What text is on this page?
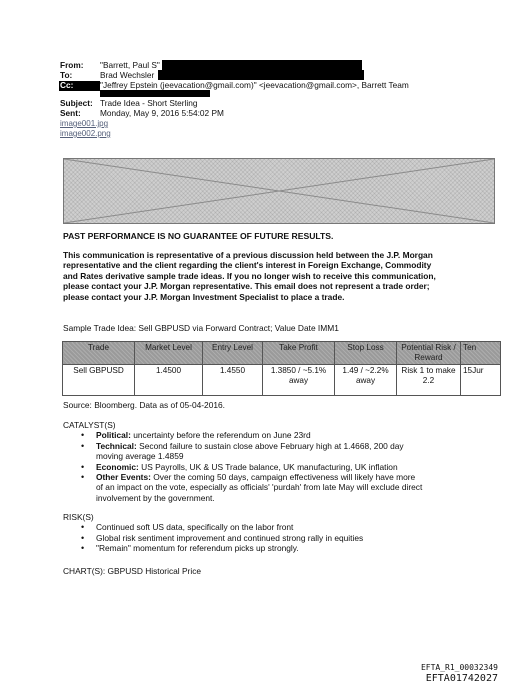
From: "Barrett, Paul S"
To:	Brad Wechsler
Cc:	"Jeffrey Epstein (jeevacation@gmail.com)" <jeevacation@gmail.com>, Barrett Team
Subject: Trade Idea - Short Sterling
Sent: Monday, May 9, 2016 5:54:02 PM
image001.jpg
image002.png
PAST PERFORMANCE IS NO GUARANTEE OF FUTURE RESULTS.
This communication is representative of a previous discussion held between the J.P. Morgan representative and the client regarding the client's interest in Foreign Exchange, Commodity and Rates derivative sample trade ideas. If you no longer wish to receive this communication, please contact your J.P. Morgan representative. This email does not represent a trade order; please contact your J.P. Morgan Investment Specialist to place a trade.
Sample Trade Idea: Sell GBPUSD via Forward Contract; Value Date IMM1
Trade	Market Level	Entry Level	Take Profit	Stop Loss	Potential Risk / Reward	Ten
Sell GBPUSD	1.4500	1.4550	1.3850 / ~5.1% away	1.49 / ~2.2% away	Risk 1 to make 2.2	15Jur
Source: Bloomberg. Data as of 05-04-2016.
CATALYST(S)
• Political: uncertainty before the referendum on June 23rd
• Technical: Second failure to sustain close above February high at 1.4668, 200 day moving average 1.4859
• Economic: US Payrolls, UK & US Trade balance, UK manufacturing, UK inflation
• Other Events: Over the coming 50 days, campaign effectiveness will likely have more of an impact on the vote, especially as officials' 'purdah' from late May will exclude direct involvement by the government.
RISK(S)
• Continued soft US data, specifically on the labor front
• Global risk sentiment improvement and continued strong rally in equities
• "Remain" momentum for referendum picks up strongly.
CHART(S): GBPUSD Historical Price
EFTA_R1_00032349
EFTA01742027
